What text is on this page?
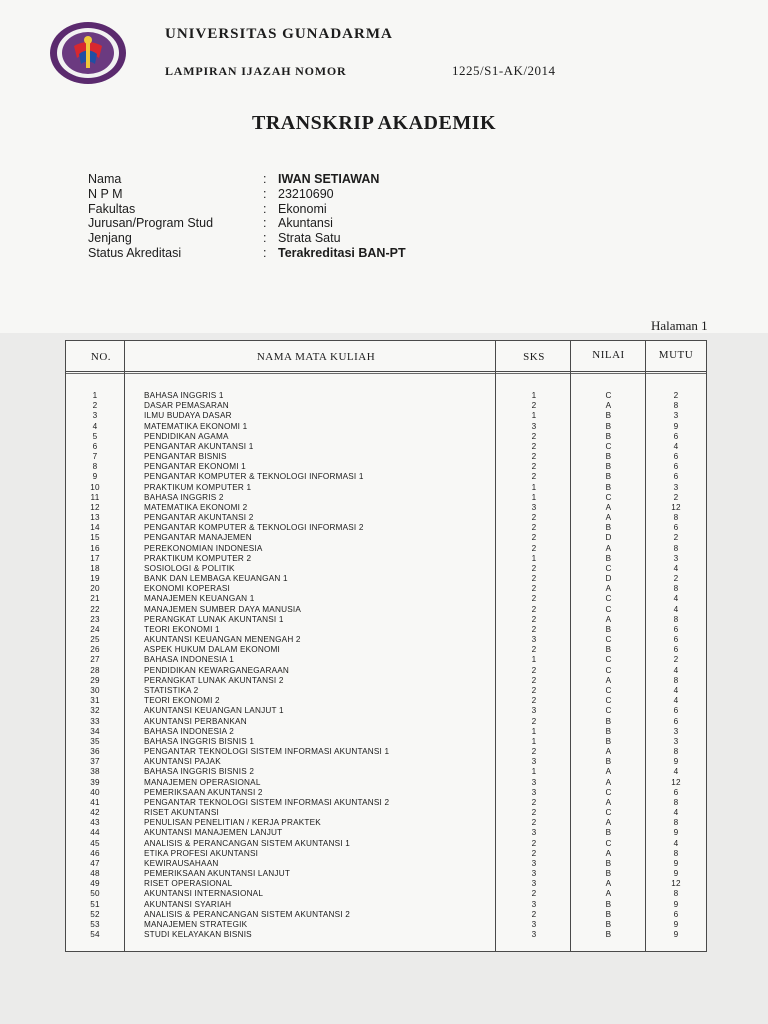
UNIVERSITAS GUNADARMA
LAMPIRAN IJAZAH NOMOR	1225/S1-AK/2014
TRANSKRIP AKADEMIK
Nama	: IWAN SETIAWAN
N P M	: 23210690
Fakultas	: Ekonomi
Jurusan/Program Stud	: Akuntansi
Jenjang	: Strata Satu
Status Akreditasi	: Terakreditasi BAN-PT
Halaman 1
NO.	NAMA MATA KULIAH	SKS	NILAI	MUTU
1	BAHASA INGGRIS 1	1	C	2
2	DASAR PEMASARAN	2	A	8
3	ILMU BUDAYA DASAR	1	B	3
4	MATEMATIKA EKONOMI 1	3	B	9
5	PENDIDIKAN AGAMA	2	B	6
6	PENGANTAR AKUNTANSI 1	2	C	4
7	PENGANTAR BISNIS	2	B	6
8	PENGANTAR EKONOMI 1	2	B	6
9	PENGANTAR KOMPUTER & TEKNOLOGI INFORMASI 1	2	B	6
10	PRAKTIKUM KOMPUTER 1	1	B	3
11	BAHASA INGGRIS 2	1	C	2
12	MATEMATIKA EKONOMI 2	3	A	12
13	PENGANTAR AKUNTANSI 2	2	A	8
14	PENGANTAR KOMPUTER & TEKNOLOGI INFORMASI 2	2	B	6
15	PENGANTAR MANAJEMEN	2	D	2
16	PEREKONOMIAN INDONESIA	2	A	8
17	PRAKTIKUM KOMPUTER 2	1	B	3
18	SOSIOLOGI & POLITIK	2	C	4
19	BANK DAN LEMBAGA KEUANGAN 1	2	D	2
20	EKONOMI KOPERASI	2	A	8
21	MANAJEMEN KEUANGAN 1	2	C	4
22	MANAJEMEN SUMBER DAYA MANUSIA	2	C	4
23	PERANGKAT LUNAK AKUNTANSI 1	2	A	8
24	TEORI EKONOMI 1	2	B	6
25	AKUNTANSI KEUANGAN MENENGAH 2	3	C	6
26	ASPEK HUKUM DALAM EKONOMI	2	B	6
27	BAHASA INDONESIA 1	1	C	2
28	PENDIDIKAN KEWARGANEGARAAN	2	C	4
29	PERANGKAT LUNAK AKUNTANSI 2	2	A	8
30	STATISTIKA 2	2	C	4
31	TEORI EKONOMI 2	2	C	4
32	AKUNTANSI KEUANGAN LANJUT 1	3	C	6
33	AKUNTANSI PERBANKAN	2	B	6
34	BAHASA INDONESIA 2	1	B	3
35	BAHASA INGGRIS BISNIS 1	1	B	3
36	PENGANTAR TEKNOLOGI SISTEM INFORMASI AKUNTANSI 1	2	A	8
37	AKUNTANSI PAJAK	3	B	9
38	BAHASA INGGRIS BISNIS 2	1	A	4
39	MANAJEMEN OPERASIONAL	3	A	12
40	PEMERIKSAAN AKUNTANSI 2	3	C	6
41	PENGANTAR TEKNOLOGI SISTEM INFORMASI AKUNTANSI 2	2	A	8
42	RISET AKUNTANSI	2	C	4
43	PENULISAN PENELITIAN / KERJA PRAKTEK	2	A	8
44	AKUNTANSI MANAJEMEN LANJUT	3	B	9
45	ANALISIS & PERANCANGAN SISTEM AKUNTANSI 1	2	C	4
46	ETIKA PROFESI AKUNTANSI	2	A	8
47	KEWIRAUSAHAAN	3	B	9
48	PEMERIKSAAN AKUNTANSI LANJUT	3	B	9
49	RISET OPERASIONAL	3	A	12
50	AKUNTANSI INTERNASIONAL	2	A	8
51	AKUNTANSI SYARIAH	3	B	9
52	ANALISIS & PERANCANGAN SISTEM AKUNTANSI 2	2	B	6
53	MANAJEMEN STRATEGIK	3	B	9
54	STUDI KELAYAKAN BISNIS	3	B	9
